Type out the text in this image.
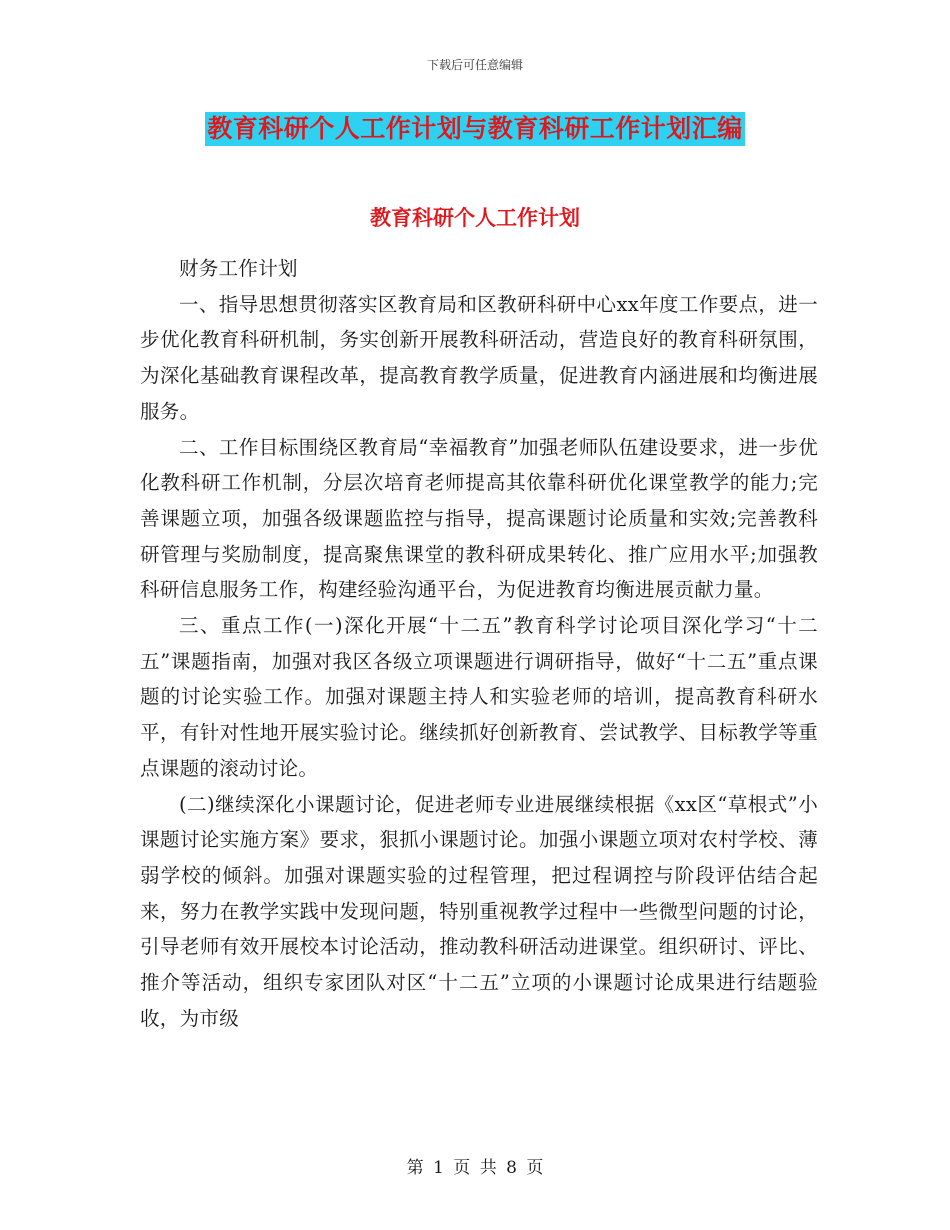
下载后可任意编辑
教育科研个人工作计划与教育科研工作计划汇编
教育科研个人工作计划

财务工作计划

一、指导思想贯彻落实区教育局和区教研科研中心xx年度工作要点，进一步优化教育科研机制，务实创新开展教科研活动，营造良好的教育科研氛围，为深化基础教育课程改革，提高教育教学质量，促进教育内涵进展和均衡进展服务。

二、工作目标围绕区教育局“幸福教育”加强老师队伍建设要求，进一步优化教科研工作机制，分层次培育老师提高其依靠科研优化课堂教学的能力;完善课题立项，加强各级课题监控与指导，提高课题讨论质量和实效;完善教科研管理与奖励制度，提高聚焦课堂的教科研成果转化、推广应用水平;加强教科研信息服务工作，构建经验沟通平台，为促进教育均衡进展贡献力量。

三、重点工作(一)深化开展“十二五”教育科学讨论项目深化学习“十二五”课题指南，加强对我区各级立项课题进行调研指导，做好“十二五”重点课题的讨论实验工作。加强对课题主持人和实验老师的培训，提高教育科研水平，有针对性地开展实验讨论。继续抓好创新教育、尝试教学、目标教学等重点课题的滚动讨论。

(二)继续深化小课题讨论，促进老师专业进展继续根据《xx区“草根式”小课题讨论实施方案》要求，狠抓小课题讨论。加强小课题立项对农村学校、薄弱学校的倾斜。加强对课题实验的过程管理，把过程调控与阶段评估结合起来，努力在教学实践中发现问题，特别重视教学过程中一些微型问题的讨论，引导老师有效开展校本讨论活动，推动教科研活动进课堂。组织研讨、评比、推介等活动，组织专家团队对区“十二五”立项的小课题讨论成果进行结题验收，为市级

第 1 页 共 8 页
